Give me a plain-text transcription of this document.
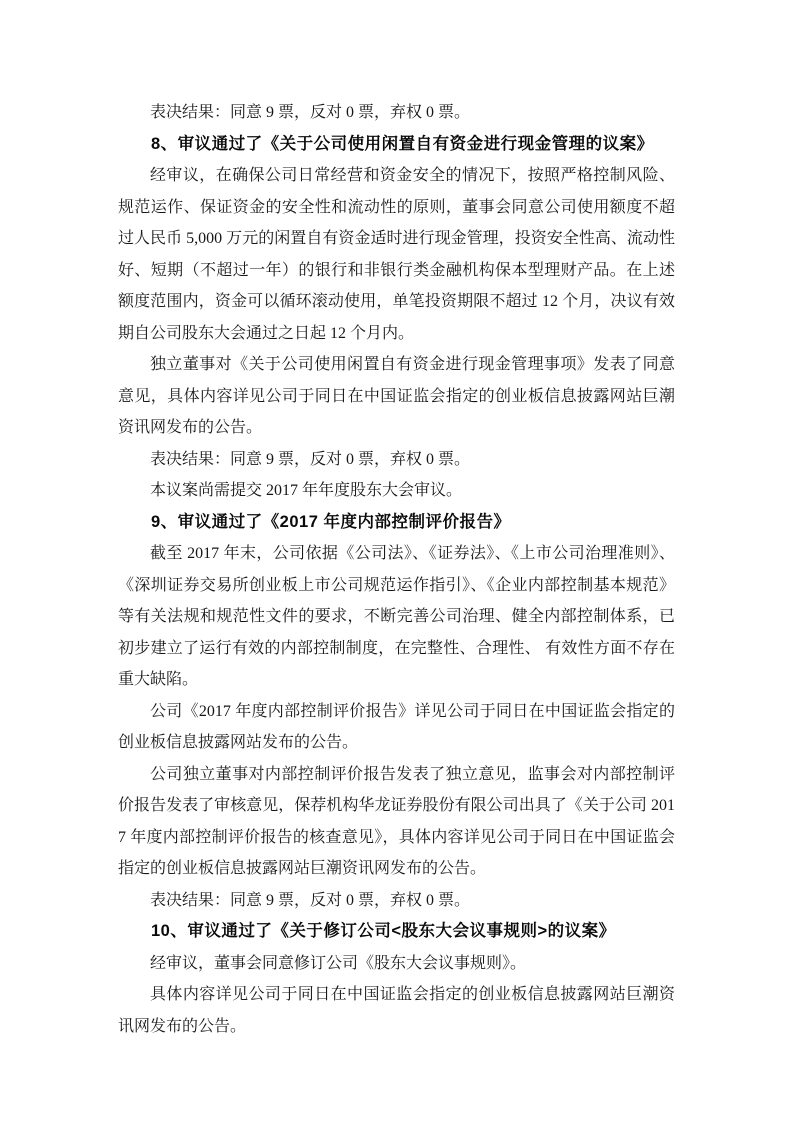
表决结果：同意 9 票，反对 0 票，弃权 0 票。

8、审议通过了《关于公司使用闲置自有资金进行现金管理的议案》

经审议，在确保公司日常经营和资金安全的情况下，按照严格控制风险、规范运作、保证资金的安全性和流动性的原则，董事会同意公司使用额度不超过人民币 5,000 万元的闲置自有资金适时进行现金管理，投资安全性高、流动性好、短期（不超过一年）的银行和非银行类金融机构保本型理财产品。在上述额度范围内，资金可以循环滚动使用，单笔投资期限不超过 12 个月，决议有效期自公司股东大会通过之日起 12 个月内。

独立董事对《关于公司使用闲置自有资金进行现金管理事项》发表了同意意见，具体内容详见公司于同日在中国证监会指定的创业板信息披露网站巨潮资讯网发布的公告。

表决结果：同意 9 票，反对 0 票，弃权 0 票。

本议案尚需提交 2017 年年度股东大会审议。

9、审议通过了《2017 年度内部控制评价报告》

截至 2017 年末，公司依据《公司法》、《证券法》、《上市公司治理准则》、《深圳证券交易所创业板上市公司规范运作指引》、《企业内部控制基本规范》等有关法规和规范性文件的要求，不断完善公司治理、健全内部控制体系，已初步建立了运行有效的内部控制制度，在完整性、合理性、 有效性方面不存在重大缺陷。

公司《2017 年度内部控制评价报告》详见公司于同日在中国证监会指定的创业板信息披露网站发布的公告。

公司独立董事对内部控制评价报告发表了独立意见，监事会对内部控制评价报告发表了审核意见，保荐机构华龙证券股份有限公司出具了《关于公司 2017 年度内部控制评价报告的核查意见》，具体内容详见公司于同日在中国证监会指定的创业板信息披露网站巨潮资讯网发布的公告。

表决结果：同意 9 票，反对 0 票，弃权 0 票。

10、审议通过了《关于修订公司<股东大会议事规则>的议案》

经审议，董事会同意修订公司《股东大会议事规则》。

具体内容详见公司于同日在中国证监会指定的创业板信息披露网站巨潮资讯网发布的公告。
